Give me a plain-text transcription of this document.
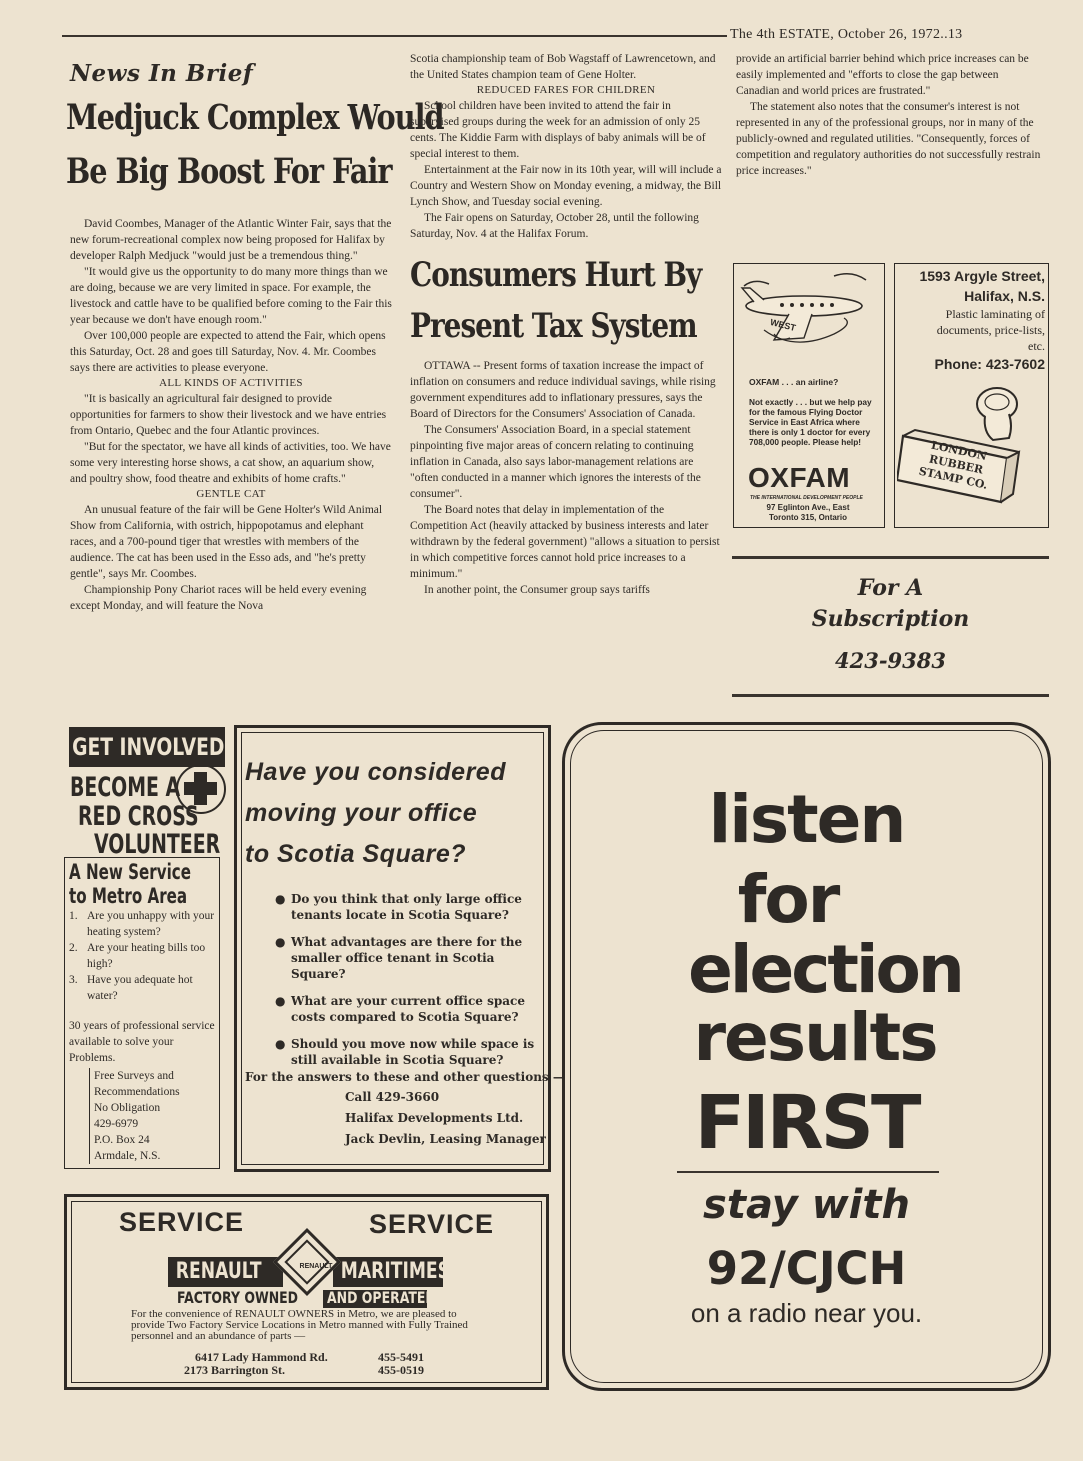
The 4th ESTATE, October 26, 1972..13
News In Brief
Medjuck Complex Would
Be Big Boost For Fair

David Coombes, Manager of the Atlantic Winter Fair, says that the new forum-recreational complex now being proposed for Halifax by developer Ralph Medjuck "would just be a tremendous thing."

"It would give us the opportunity to do many more things than we are doing, because we are very limited in space. For example, the livestock and cattle have to be qualified before coming to the Fair this year because we don't have enough room."

Over 100,000 people are expected to attend the Fair, which opens this Saturday, Oct. 28 and goes till Saturday, Nov. 4. Mr. Coombes says there are activities to please everyone.

ALL KINDS OF ACTIVITIES

"It is basically an agricultural fair designed to provide opportunities for farmers to show their livestock and we have entries from Ontario, Quebec and the four Atlantic provinces.

"But for the spectator, we have all kinds of activities, too. We have some very interesting horse shows, a cat show, an aquarium show, and poultry show, food theatre and exhibits of home crafts."

GENTLE CAT

An unusual feature of the fair will be Gene Holter's Wild Animal Show from California, with ostrich, hippopotamus and elephant races, and a 700-pound tiger that wrestles with members of the audience. The cat has been used in the Esso ads, and "he's pretty gentle", says Mr. Coombes.

Championship Pony Chariot races will be held every evening except Monday, and will feature the Nova

Scotia championship team of Bob Wagstaff of Lawrencetown, and the United States champion team of Gene Holter.

REDUCED FARES FOR CHILDREN

School children have been invited to attend the fair in supervised groups during the week for an admission of only 25 cents. The Kiddie Farm with displays of baby animals will be of special interest to them.

Entertainment at the Fair now in its 10th year, will will include a Country and Western Show on Monday evening, a midway, the Bill Lynch Show, and Tuesday social evening.

The Fair opens on Saturday, October 28, until the following Saturday, Nov. 4 at the Halifax Forum.

Consumers Hurt By
Present Tax System

OTTAWA -- Present forms of taxation increase the impact of inflation on consumers and reduce individual savings, while rising government expenditures add to inflationary pressures, says the Board of Directors for the Consumers' Association of Canada.

The Consumers' Association Board, in a special statement pinpointing five major areas of concern relating to continuing inflation in Canada, also says labor-management relations are "often conducted in a manner which ignores the interests of the consumer".

The Board notes that delay in implementation of the Competition Act (heavily attacked by business interests and later withdrawn by the federal government) "allows a situation to persist in which competitive forces cannot hold price increases to a minimum."

In another point, the Consumer group says tariffs

provide an artificial barrier behind which price increases can be easily implemented and "efforts to close the gap between Canadian and world prices are frustrated."

The statement also notes that the consumer's interest is not represented in any of the professional groups, nor in many of the publicly-owned and regulated utilities. "Consequently, forces of competition and regulatory authorities do not successfully restrain price increases."

WEST
OXFAM . . . an airline?
Not exactly . . . but we help pay for the famous Flying Doctor Service in East Africa where there is only 1 doctor for every 708,000 people. Please help!
OXFAM
THE INTERNATIONAL DEVELOPMENT PEOPLE
97 Eglinton Ave., East
Toronto 315, Ontario
1593 Argyle Street,
Halifax, N.S.
Plastic laminating of documents, price-lists, etc.
Phone: 423-7602
LONDON RUBBER STAMP CO.
For A
Subscription
423-9383
GET INVOLVED!
BECOME A
RED CROSS
VOLUNTEER
A New Service
to Metro Area
1. Are you unhappy with your heating system?
2. Are your heating bills too high?
3. Have you adequate hot water?

30 years of professional service available to solve your Problems.

Free Surveys and
Recommendations
No Obligation
429-6979
P.O. Box 24
Armdale, N.S.
Have you considered
moving your office
to Scotia Square?
● Do you think that only large office tenants locate in Scotia Square?
● What advantages are there for the smaller office tenant in Scotia Square?
● What are your current office space costs compared to Scotia Square?
● Should you move now while space is still available in Scotia Square?
For the answers to these and other questions —
Call 429-3660
Halifax Developments Ltd.
Jack Devlin, Leasing Manager
SERVICE	SERVICE
RENAULT	MARITIMES
RENAULT
FACTORY OWNED AND OPERATED
For the convenience of RENAULT OWNERS in Metro, we are pleased to provide Two Factory Service Locations in Metro manned with Fully Trained personnel and an abundance of parts —
6417 Lady Hammond Rd.	455-5491
2173 Barrington St.	455-0519
listen
for
election
results
FIRST
stay with
92/CJCH
on a radio near you.
